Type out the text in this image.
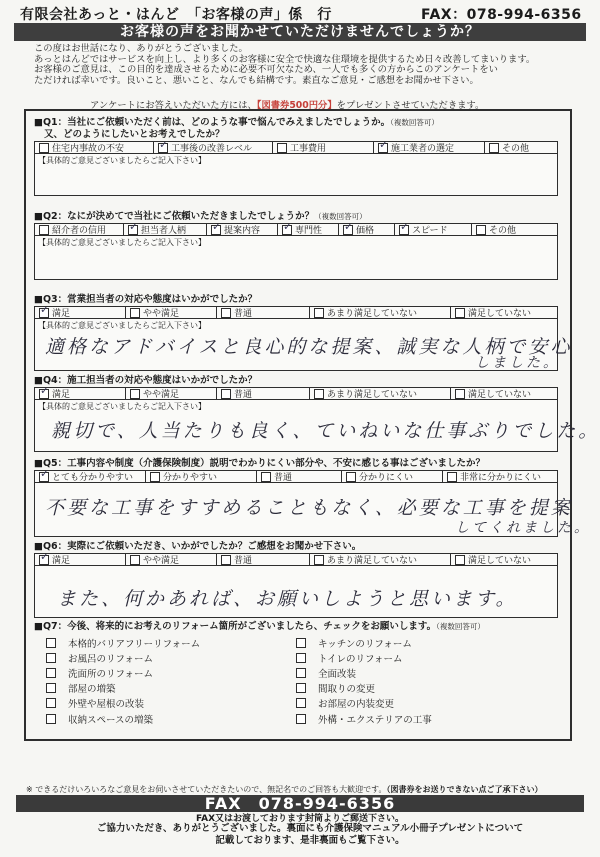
有限会社あっと・はんど　「お客様の声」係　行	FAX：078-994-6356
お客様の声をお聞かせていただけませんでしょうか？
この度はお世話になり、ありがとうございました。
あっとはんどではサービスを向上し、より多くのお客様に安全で快適な住環境を提供するため日々改善してまいります。
お客様のご意見は、この目的を達成させるために必要不可欠なため、一人でも多くの方からこのアンケートをい
ただければ幸いです。良いこと、悪いこと、なんでも結構です。素直なご意見・ご感想をお聞かせ下さい。
アンケートにお答えいただいた方には、【図書券500円分】をプレゼントさせていただきます。
■Q1：当社にご依頼いただく前は、どのような事で悩んでみえましたでしょうか。（複数回答可）
又、どのようにしたいとお考えでしたか？
住宅内事故の不安 ✓	工事後の改善レベル	工事費用 ✓	施工業者の選定	その他
【具体的ご意見ございましたらご記入下さい】
■Q2：なにが決めてで当社にご依頼いただきましたでしょうか？（複数回答可）
紹介者の信用 ✓	担当者人柄 ✓	提案内容 ✓	専門性 ✓	価格 ✓	スピード	その他
【具体的ご意見ございましたらご記入下さい】
■Q3：営業担当者の対応や態度はいかがでしたか？
✓
満足	やや満足	普通	あまり満足していない	満足していない
【具体的ご意見ございましたらご記入下さい】
適格なアドバイスと良心的な提案、誠実な人柄で安心
しました。
■Q4：施工担当者の対応や態度はいかがでしたか？
✓
満足	やや満足	普通	あまり満足していない	満足していない
【具体的ご意見ございましたらご記入下さい】
親切で、人当たりも良く、ていねいな仕事ぶりでした。
■Q5：工事内容や制度（介護保険制度）説明でわかりにくい部分や、不安に感じる事はございましたか？
✓
とても分かりやすい	分かりやすい	普通	分かりにくい	非常に分かりにくい
不要な工事をすすめることもなく、必要な工事を提案
してくれました。
■Q6：実際にご依頼いただき、いかがでしたか？ご感想をお聞かせ下さい。
✓
満足	やや満足	普通	あまり満足していない	満足していない
また、何かあれば、お願いしようと思います。
■Q7：今後、将来的にお考えのリフォーム箇所がございましたら、チェックをお願いします。（複数回答可）
本格的バリアフリーリフォーム	キッチンのリフォーム
お風呂のリフォーム	トイレのリフォーム
洗面所のリフォーム	全面改装
部屋の増築	間取りの変更
外壁や屋根の改装	お部屋の内装変更
収納スペースの増築	外構・エクステリアの工事
※ できるだけいろいろなご意見をお伺いさせていただきたいので、無記名でのご回答も大歓迎です。（図書券をお送りできない点ご了承下さい）
FAX　078-994-6356
FAX又はお渡しております封筒よりご郵送下さい。
ご協力いただき、ありがとうございました。裏面にも介護保険マニュアル小冊子プレゼントについて
記載しております、是非裏面もご覧下さい。
